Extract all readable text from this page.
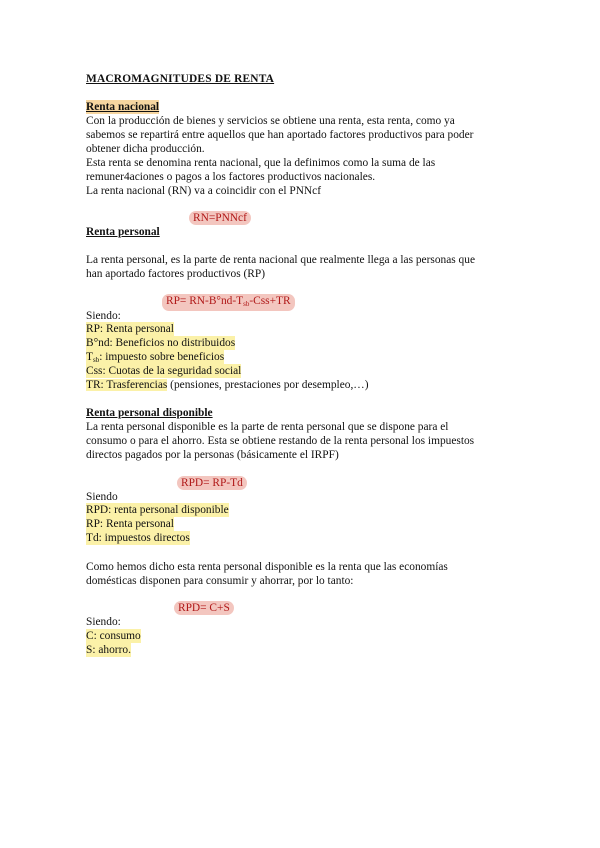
MACROMAGNITUDES DE RENTA
Renta nacional
Con la producción de bienes y servicios se obtiene una renta, esta renta, como ya
sabemos se repartirá entre aquellos que han aportado factores productivos para poder
obtener dicha producción.
Esta renta se denomina renta nacional, que la definimos como la suma de las
remuner4aciones o pagos a los factores productivos nacionales.
La renta nacional (RN) va a coincidir con el PNNcf
RN=PNNcf
Renta personal
La renta personal, es la parte de renta nacional que realmente llega a las personas que
han aportado factores productivos (RP)
$RP= RN-B^\circ nd-T_{sb}-Css+TR$
Siendo:
RP: Renta personal
B°nd: Beneficios no distribuidos
$T_{sb}$: impuesto sobre beneficios
Css: Cuotas de la seguridad social
TR: Trasferencias (pensiones, prestaciones por desempleo,…)
Renta personal disponible
La renta personal disponible es la parte de renta personal que se dispone para el
consumo o para el ahorro. Esta se obtiene restando de la renta personal los impuestos
directos pagados por la personas (básicamente el IRPF)
RPD= RP-Td
Siendo
RPD: renta personal disponible
RP: Renta personal
Td: impuestos directos
Como hemos dicho esta renta personal disponible es la renta que las economías
domésticas disponen para consumir y ahorrar, por lo tanto:
RPD= C+S
Siendo:
C: consumo
S: ahorro.
